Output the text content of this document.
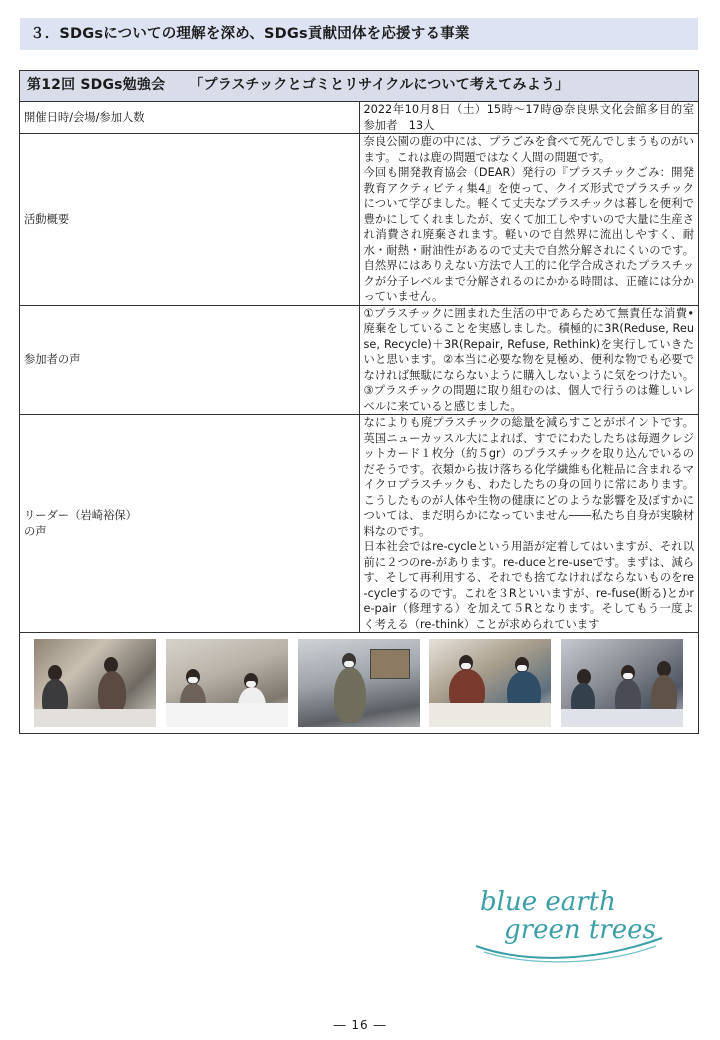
３．SDGsについての理解を深め、SDGs貢献団体を応援する事業
第12回 SDGs勉強会 「プラスチックとゴミとリサイクルについて考えてみよう」	
開催日時/会場/参加人数	2022年10月8日（土）15時～17時@奈良県文化会館多目的室　参加者　13人
活動概要	奈良公園の鹿の中には、プラごみを食べて死んでしまうものがいます。これは鹿の問題ではなく人間の問題です。
今回も開発教育協会（DEAR）発行の『プラスチックごみ：開発教育アクティビティ集4』を使って、クイズ形式でプラスチックについて学びました。軽くて丈夫なプラスチックは暮しを便利で豊かにしてくれましたが、安くて加工しやすいので大量に生産され消費され廃棄されます。軽いので自然界に流出しやすく、耐水・耐熱・耐油性があるので丈夫で自然分解されにくいのです。自然界にはありえない方法で人工的に化学合成されたプラスチックが分子レベルまで分解されるのにかかる時間は、正確には分かっていません。
参加者の声	①プラスチックに囲まれた生活の中であらためて無責任な消費•廃棄をしていることを実感しました。積極的に3R(Reduse, Reuse, Recycle)＋3R(Repair, Refuse, Rethink)を実行していきたいと思います。②本当に必要な物を見極め、便利な物でも必要でなければ無駄にならないように購入しないように気をつけたい。③プラスチックの問題に取り組むのは、個人で行うのは難しいレベルに来ていると感じました。
リーダー（岩崎裕保）
の声	なによりも廃プラスチックの総量を減らすことがポイントです。英国ニューカッスル大によれば、すでにわたしたちは毎週クレジットカード１枚分（約５gr）のプラスチックを取り込んでいるのだそうです。衣類から抜け落ちる化学繊維も化粧品に含まれるマイクロプラスチックも、わたしたちの身の回りに常にあります。こうしたものが人体や生物の健康にどのような影響を及ぼすかについては、まだ明らかになっていません――私たち自身が実験材料なのです。
日本社会ではre-cycleという用語が定着してはいますが、それ以前に２つのre-があります。re-duceとre-useです。まずは、減らす、そして再利用する、それでも捨てなければならないものをre-cycleするのです。これを３Rといいますが、re-fuse(断る)とかre-pair（修理する）を加えて５Rとなります。そしてもう一度よく考える（re-think）ことが求められています

blue earth
green trees
― 16 ―
